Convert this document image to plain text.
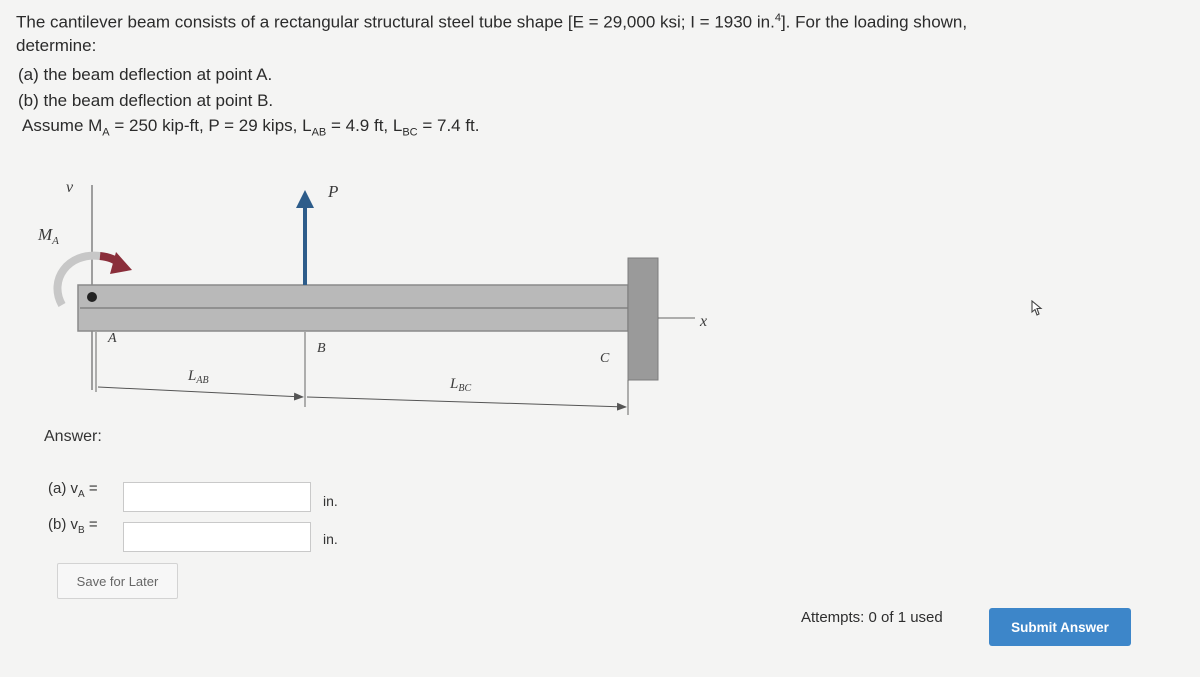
The cantilever beam consists of a rectangular structural steel tube shape [E = 29,000 ksi; I = 1930 in.$^4$]. For the loading shown,
determine:
(a) the beam deflection at point A.
(b) the beam deflection at point B.
Assume $M_A = 250$ kip-ft, P = 29 kips, $L_{AB} = 4.9$ ft, $L_{BC} = 7.4$ ft.
v
$M_A$
x
P
A
B
C
$L_{AB}$	$L_{BC}$
Answer:
(a) $v_A$ =
in.
(b) $v_B$ =
in.
Save for Later
Attempts: 0 of 1 used
Submit Answer
